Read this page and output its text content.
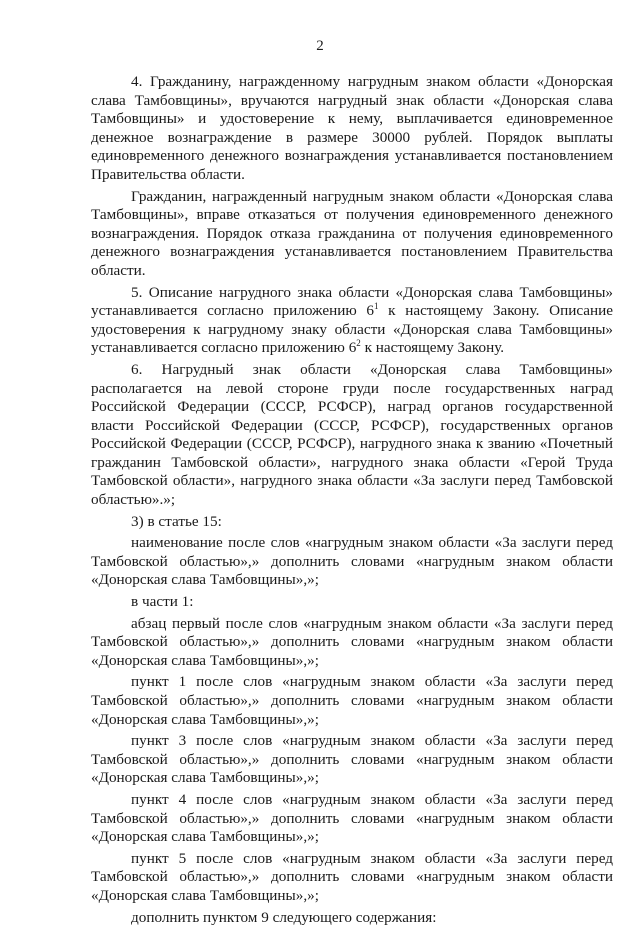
2

4. Гражданину, награжденному нагрудным знаком области «Донорская слава Тамбовщины», вручаются нагрудный знак области «Донорская слава Тамбовщины» и удостоверение к нему, выплачивается единовременное денежное вознаграждение в размере 30000 рублей. Порядок выплаты единовременного денежного вознаграждения устанавливается постановлением Правительства области.

Гражданин, награжденный нагрудным знаком области «Донорская слава Тамбовщины», вправе отказаться от получения единовременного денежного вознаграждения. Порядок отказа гражданина от получения единовременного денежного вознаграждения устанавливается постановлением Правительства области.

5. Описание нагрудного знака области «Донорская слава Тамбовщины» устанавливается согласно приложению $6^1$ к настоящему Закону. Описание удостоверения к нагрудному знаку области «Донорская слава Тамбовщины» устанавливается согласно приложению $6^2$ к настоящему Закону.

6. Нагрудный знак области «Донорская слава Тамбовщины» располагается на левой стороне груди после государственных наград Российской Федерации (СССР, РСФСР), наград органов государственной власти Российской Федерации (СССР, РСФСР), государственных органов Российской Федерации (СССР, РСФСР), нагрудного знака к званию «Почетный гражданин Тамбовской области», нагрудного знака области «Герой Труда Тамбовской области», нагрудного знака области «За заслуги перед Тамбовской областью».»;

3) в статье 15:

наименование после слов «нагрудным знаком области «За заслуги перед Тамбовской областью»,» дополнить словами «нагрудным знаком области «Донорская слава Тамбовщины»,»;

в части 1:

абзац первый после слов «нагрудным знаком области «За заслуги перед Тамбовской областью»,» дополнить словами «нагрудным знаком области «Донорская слава Тамбовщины»,»;

пункт 1 после слов «нагрудным знаком области «За заслуги перед Тамбовской областью»,» дополнить словами «нагрудным знаком области «Донорская слава Тамбовщины»,»;

пункт 3 после слов «нагрудным знаком области «За заслуги перед Тамбовской областью»,» дополнить словами «нагрудным знаком области «Донорская слава Тамбовщины»,»;

пункт 4 после слов «нагрудным знаком области «За заслуги перед Тамбовской областью»,» дополнить словами «нагрудным знаком области «Донорская слава Тамбовщины»,»;

пункт 5 после слов «нагрудным знаком области «За заслуги перед Тамбовской областью»,» дополнить словами «нагрудным знаком области «Донорская слава Тамбовщины»,»;

дополнить пунктом 9 следующего содержания:
